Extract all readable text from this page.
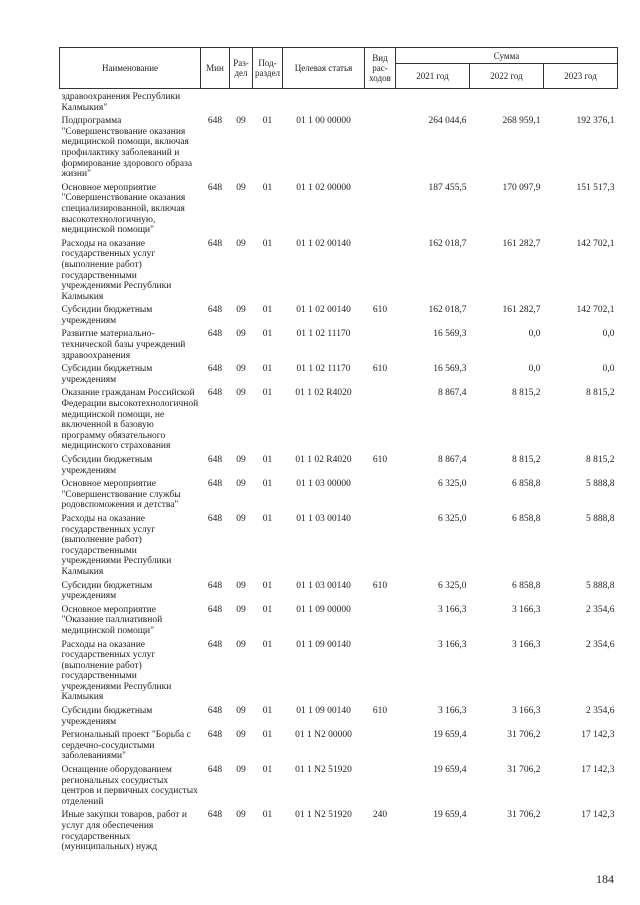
Наименование	Мин	Раз-дел	Под-раздел	Целевая статья	Вид рас-ходов	Сумма		
						2021 год	2022 год	2023 год
здравоохранения Республики Калмыкия"								
Подпрограмма "Совершенствование оказания медицинской помощи, включая профилактику заболеваний и формирование здорового образа жизни"	648	09	01	01 1 00 00000		264 044,6	268 959,1	192 376,1
Основное мероприятие "Совершенствование оказания специализированной, включая высокотехнологичную, медицинской помощи"	648	09	01	01 1 02 00000		187 455,5	170 097,9	151 517,3
Расходы на оказание государственных услуг (выполнение работ) государственными учреждениями Республики Калмыкия	648	09	01	01 1 02 00140		162 018,7	161 282,7	142 702,1
Субсидии бюджетным учреждениям	648	09	01	01 1 02 00140	610	162 018,7	161 282,7	142 702,1
Развитие материально-технической базы учреждений здравоохранения	648	09	01	01 1 02 11170		16 569,3	0,0	0,0
Субсидии бюджетным учреждениям	648	09	01	01 1 02 11170	610	16 569,3	0,0	0,0
Оказание гражданам Российской Федерации высокотехнологичной медицинской помощи, не включенной в базовую программу обязательного медицинского страхования	648	09	01	01 1 02 R4020		8 867,4	8 815,2	8 815,2
Субсидии бюджетным учреждениям	648	09	01	01 1 02 R4020	610	8 867,4	8 815,2	8 815,2
Основное мероприятие "Совершенствование службы родовспоможения и детства"	648	09	01	01 1 03 00000		6 325,0	6 858,8	5 888,8
Расходы на оказание государственных услуг (выполнение работ) государственными учреждениями Республики Калмыкия	648	09	01	01 1 03 00140		6 325,0	6 858,8	5 888,8
Субсидии бюджетным учреждениям	648	09	01	01 1 03 00140	610	6 325,0	6 858,8	5 888,8
Основное мероприятие "Оказание паллиативной медицинской помощи"	648	09	01	01 1 09 00000		3 166,3	3 166,3	2 354,6
Расходы на оказание государственных услуг (выполнение работ) государственными учреждениями Республики Калмыкия	648	09	01	01 1 09 00140		3 166,3	3 166,3	2 354,6
Субсидии бюджетным учреждениям	648	09	01	01 1 09 00140	610	3 166,3	3 166,3	2 354,6
Региональный проект "Борьба с сердечно-сосудистыми заболеваниями"	648	09	01	01 1 N2 00000		19 659,4	31 706,2	17 142,3
Оснащение оборудованием региональных сосудистых центров и первичных сосудистых отделений	648	09	01	01 1 N2 51920		19 659,4	31 706,2	17 142,3
Иные закупки товаров, работ и услуг для обеспечения государственных (муниципальных) нужд	648	09	01	01 1 N2 51920	240	19 659,4	31 706,2	17 142,3
184
